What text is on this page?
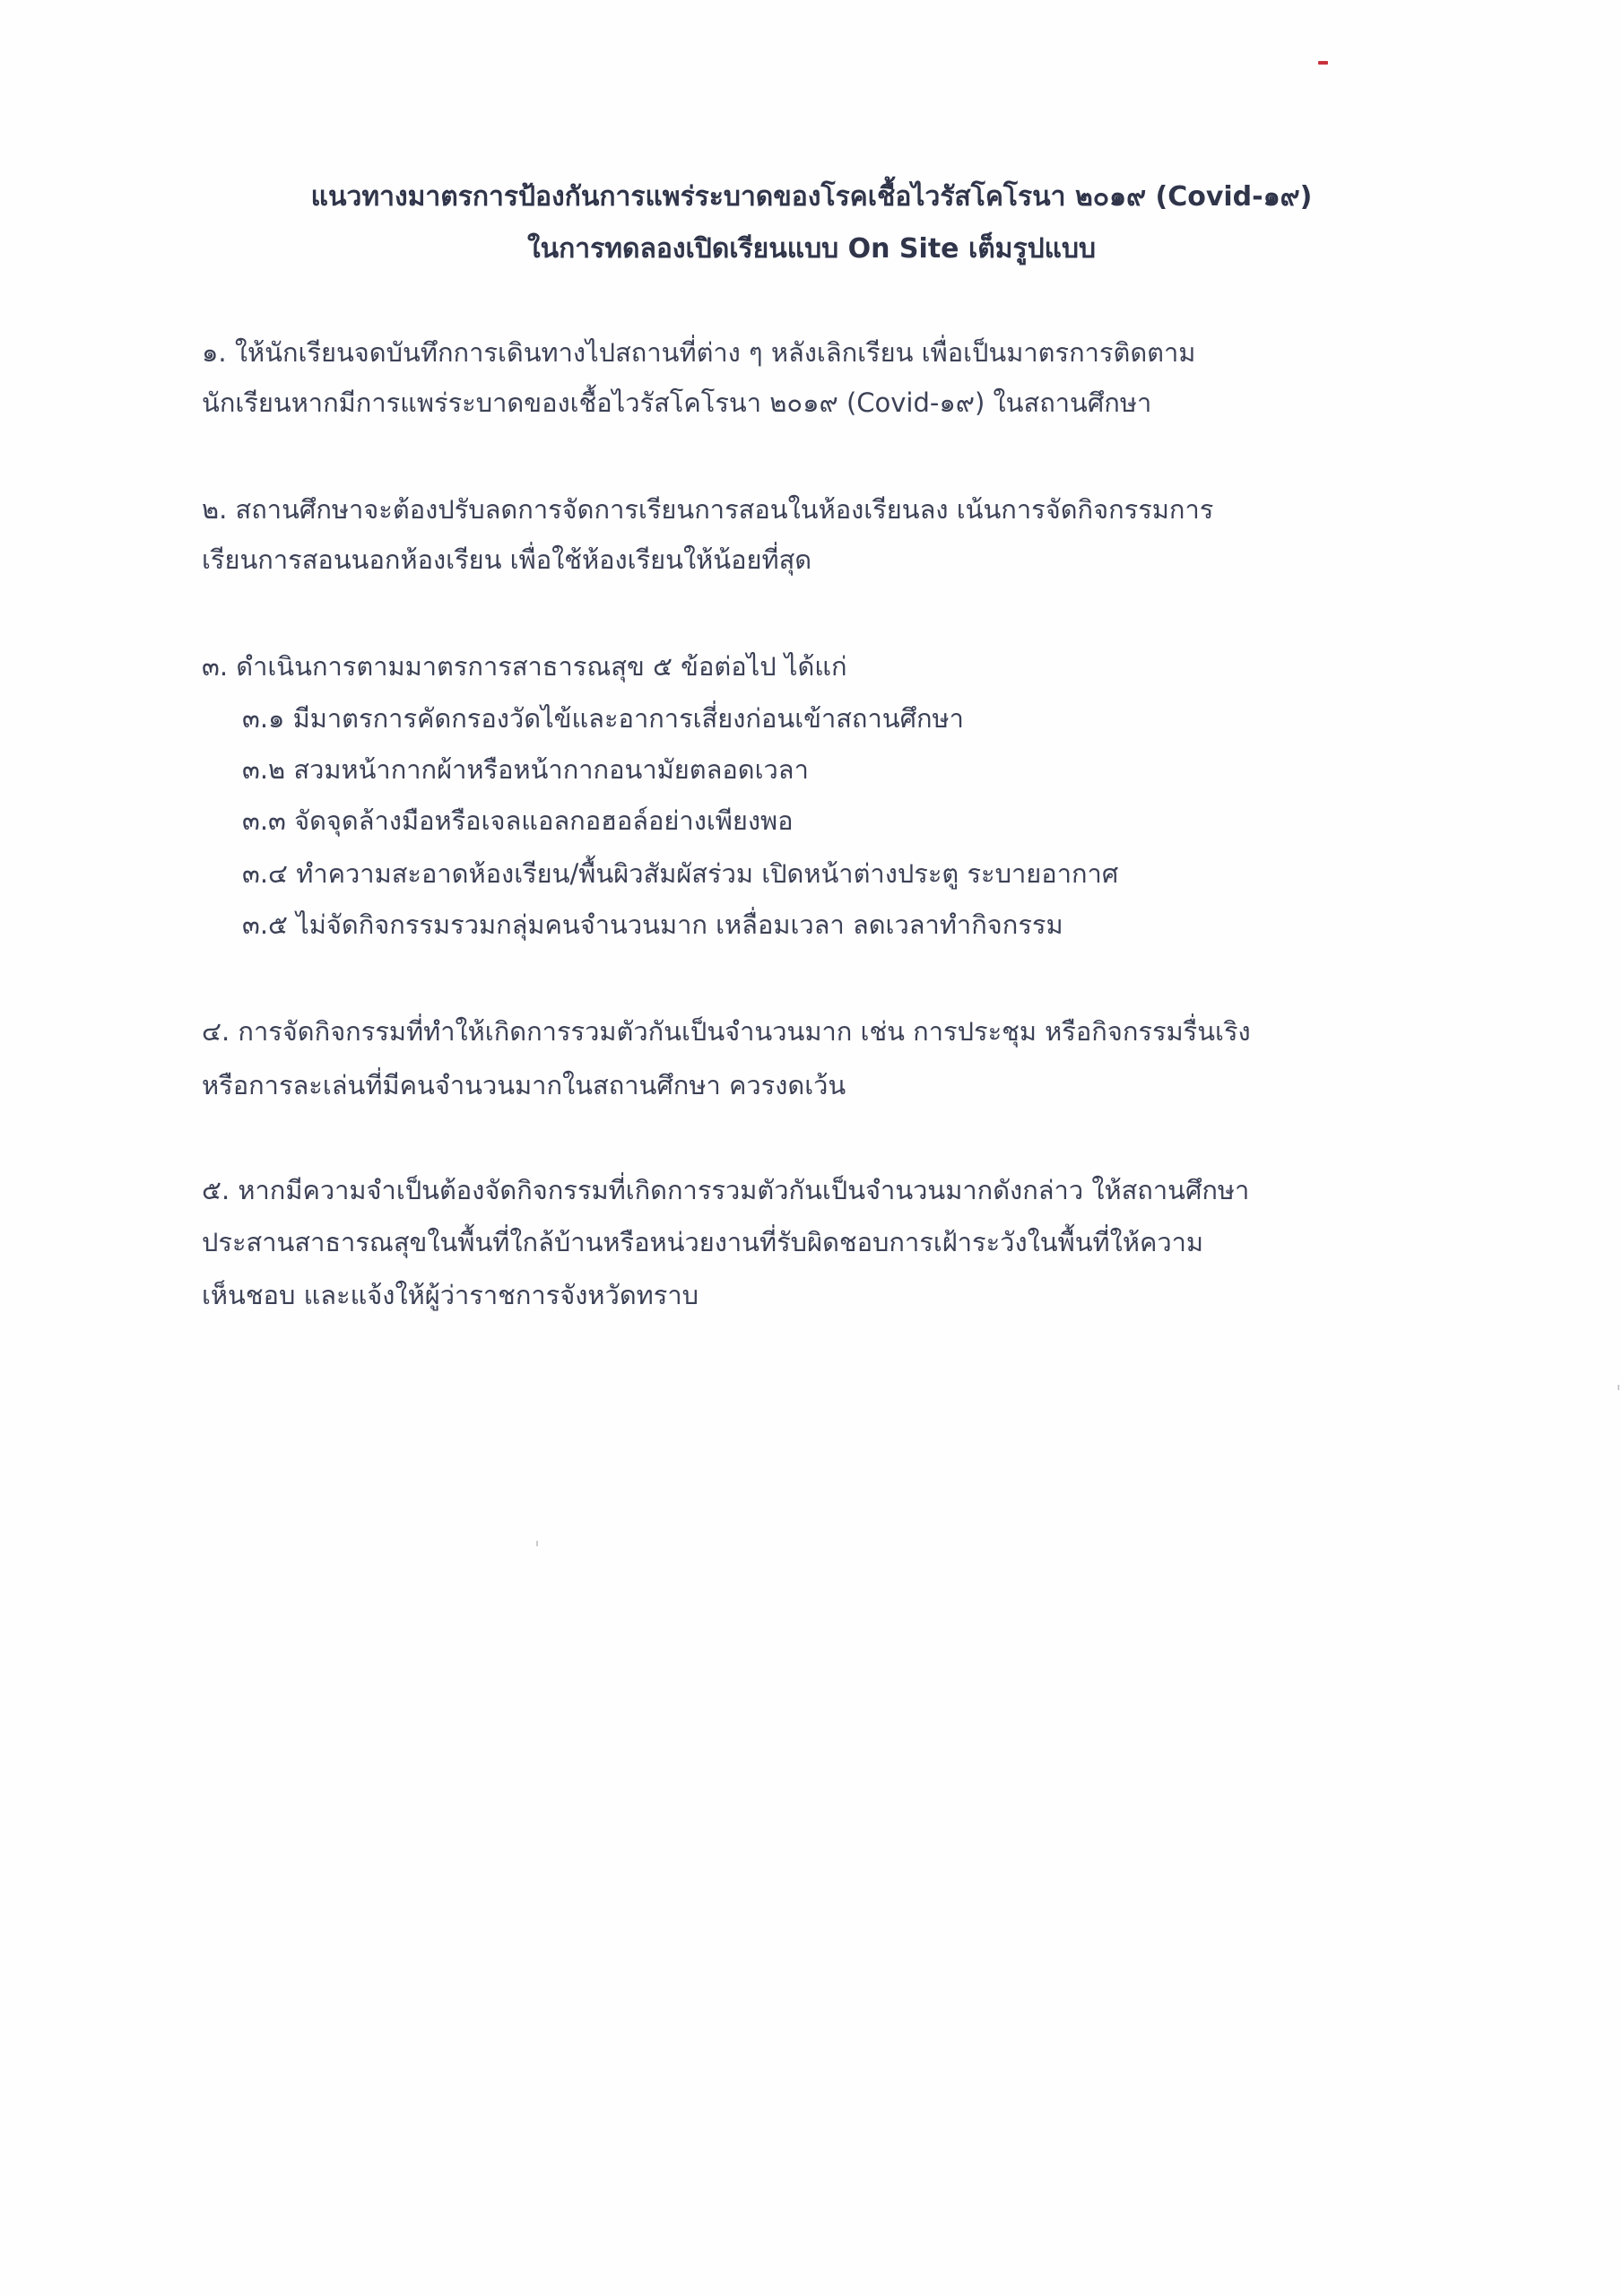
แนวทางมาตรการป้องกันการแพร่ระบาดของโรคเชื้อไวรัสโคโรนา ๒๐๑๙ (Covid-๑๙)
ในการทดลองเปิดเรียนแบบ On Site เต็มรูปแบบ
๑. ให้นักเรียนจดบันทึกการเดินทางไปสถานที่ต่าง ๆ หลังเลิกเรียน เพื่อเป็นมาตรการติดตาม
นักเรียนหากมีการแพร่ระบาดของเชื้อไวรัสโคโรนา ๒๐๑๙ (Covid-๑๙) ในสถานศึกษา
๒. สถานศึกษาจะต้องปรับลดการจัดการเรียนการสอนในห้องเรียนลง เน้นการจัดกิจกรรมการ
เรียนการสอนนอกห้องเรียน เพื่อใช้ห้องเรียนให้น้อยที่สุด
๓. ดำเนินการตามมาตรการสาธารณสุข ๕ ข้อต่อไป ได้แก่
๓.๑ มีมาตรการคัดกรองวัดไข้และอาการเสี่ยงก่อนเข้าสถานศึกษา
๓.๒ สวมหน้ากากผ้าหรือหน้ากากอนามัยตลอดเวลา
๓.๓ จัดจุดล้างมือหรือเจลแอลกอฮอล์อย่างเพียงพอ
๓.๔ ทำความสะอาดห้องเรียน/พื้นผิวสัมผัสร่วม เปิดหน้าต่างประตู ระบายอากาศ
๓.๕ ไม่จัดกิจกรรมรวมกลุ่มคนจำนวนมาก เหลื่อมเวลา ลดเวลาทำกิจกรรม
๔. การจัดกิจกรรมที่ทำให้เกิดการรวมตัวกันเป็นจำนวนมาก เช่น การประชุม หรือกิจกรรมรื่นเริง
หรือการละเล่นที่มีคนจำนวนมากในสถานศึกษา ควรงดเว้น
๕. หากมีความจำเป็นต้องจัดกิจกรรมที่เกิดการรวมตัวกันเป็นจำนวนมากดังกล่าว ให้สถานศึกษา
ประสานสาธารณสุขในพื้นที่ใกล้บ้านหรือหน่วยงานที่รับผิดชอบการเฝ้าระวังในพื้นที่ให้ความ
เห็นชอบ และแจ้งให้ผู้ว่าราชการจังหวัดทราบ
